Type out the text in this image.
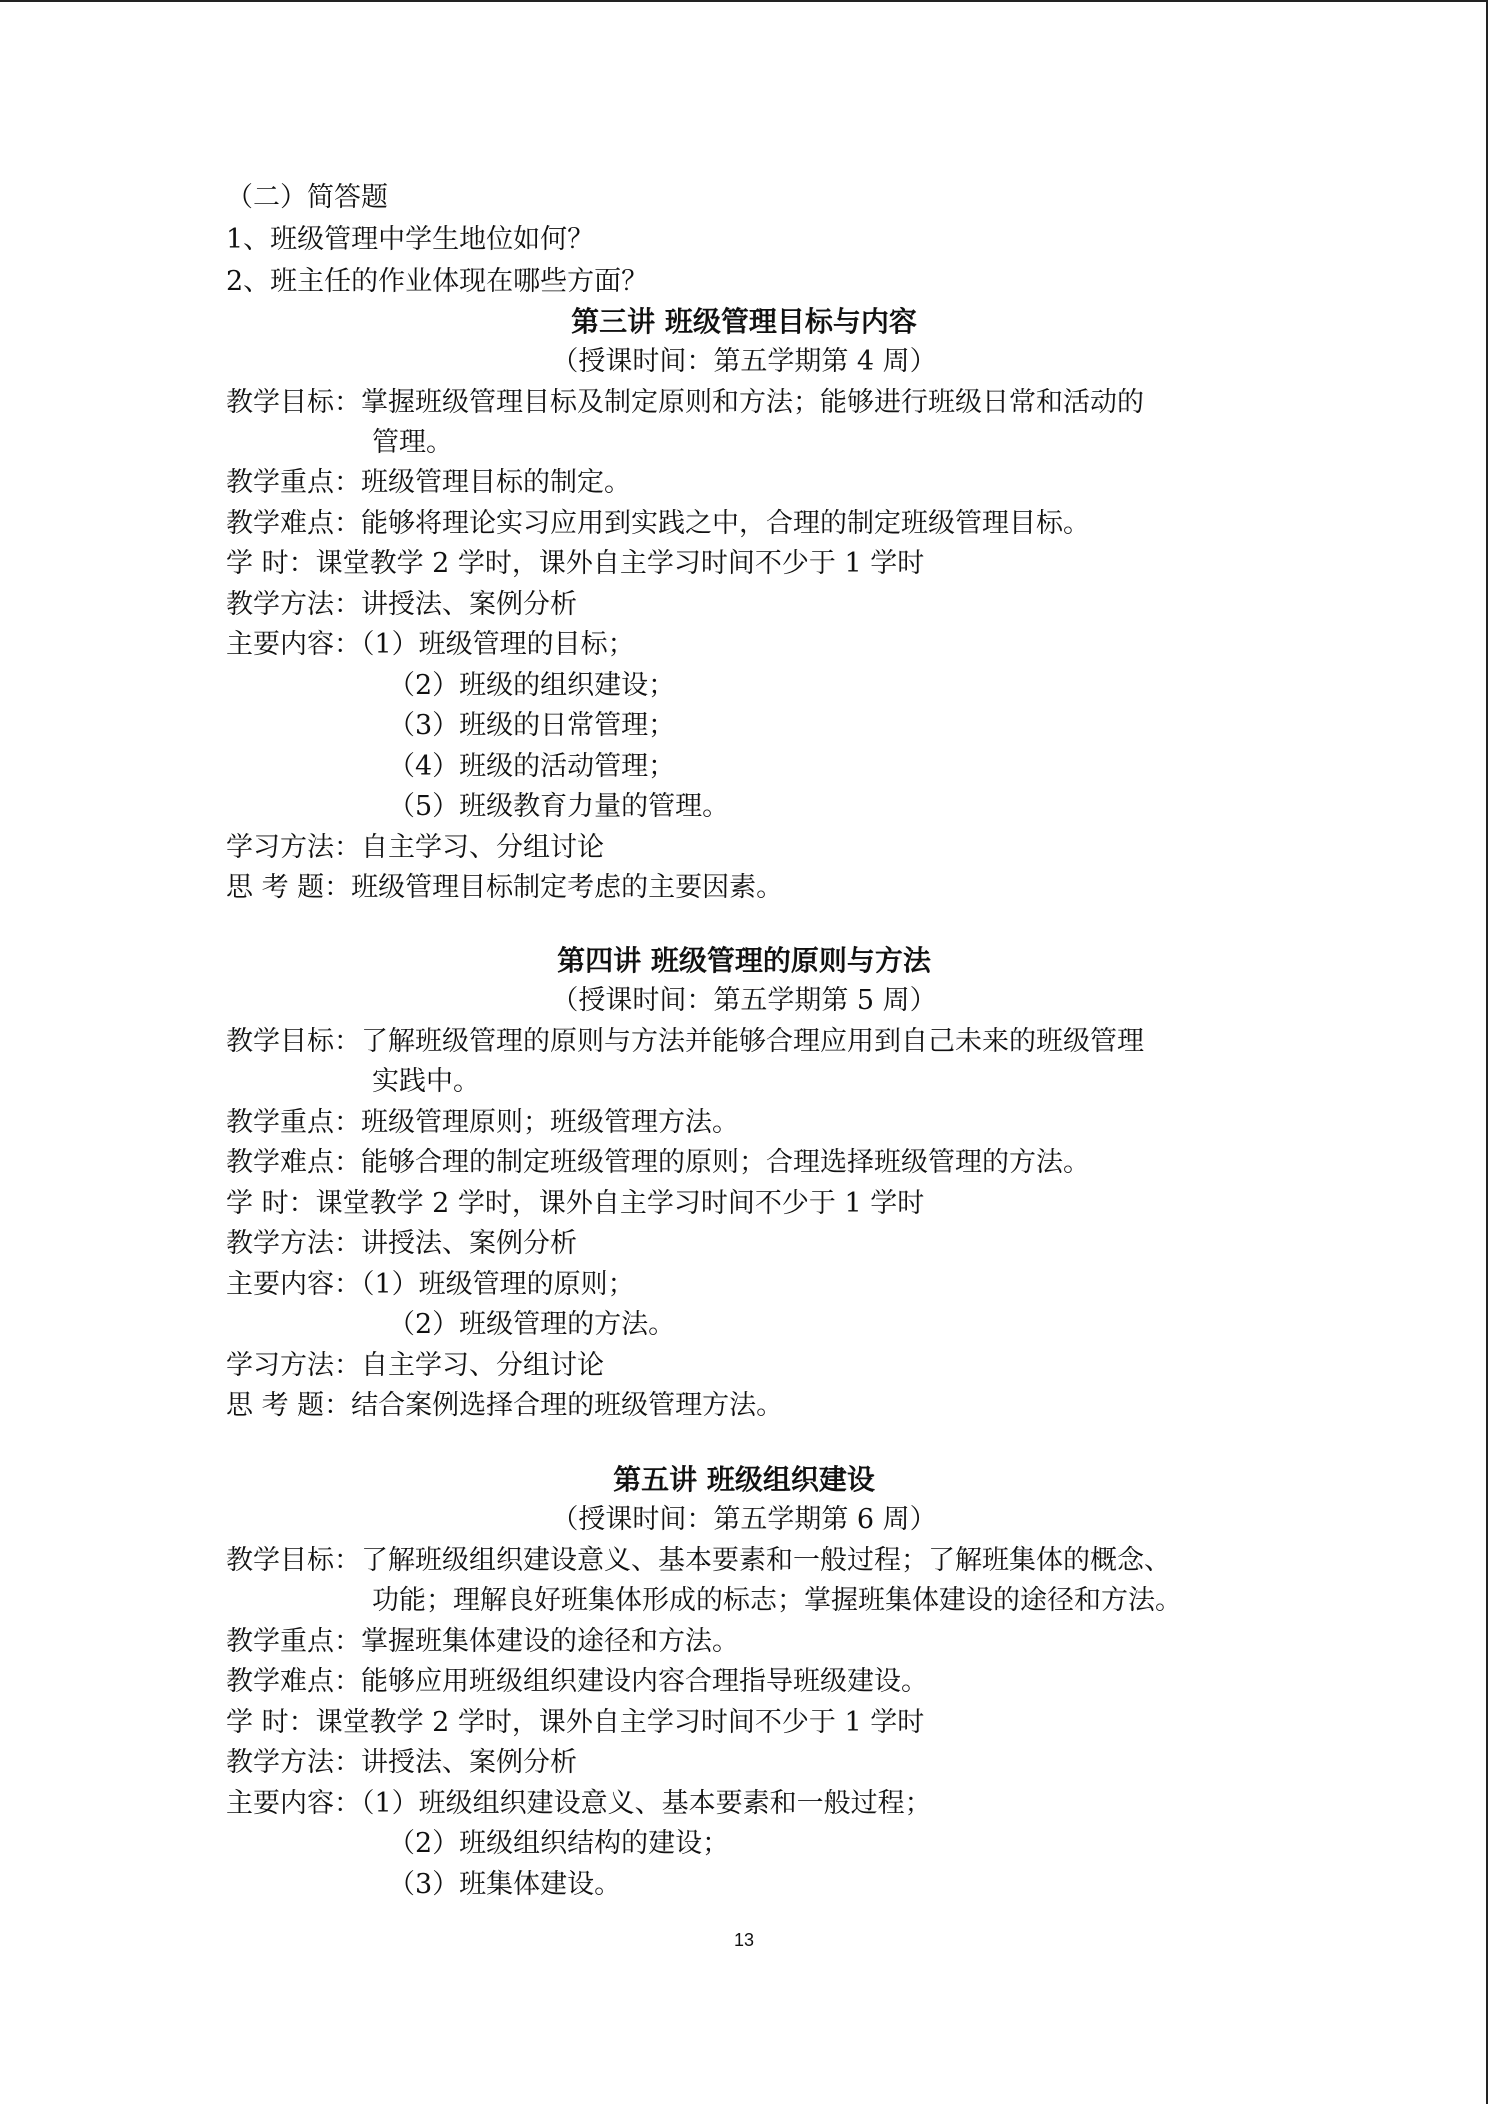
（二）简答题
1、班级管理中学生地位如何？
2、班主任的作业体现在哪些方面？
第三讲 班级管理目标与内容
（授课时间：第五学期第 4 周）
教学目标：掌握班级管理目标及制定原则和方法；能够进行班级日常和活动的
管理。
教学重点：班级管理目标的制定。
教学难点：能够将理论实习应用到实践之中，合理的制定班级管理目标。
学 时：课堂教学 2 学时，课外自主学习时间不少于 1 学时
教学方法：讲授法、案例分析
主要内容：（1）班级管理的目标；
（2）班级的组织建设；
（3）班级的日常管理；
（4）班级的活动管理；
（5）班级教育力量的管理。
学习方法：自主学习、分组讨论
思 考 题：班级管理目标制定考虑的主要因素。
第四讲 班级管理的原则与方法
（授课时间：第五学期第 5 周）
教学目标：了解班级管理的原则与方法并能够合理应用到自己未来的班级管理
实践中。
教学重点：班级管理原则；班级管理方法。
教学难点：能够合理的制定班级管理的原则；合理选择班级管理的方法。
学 时：课堂教学 2 学时，课外自主学习时间不少于 1 学时
教学方法：讲授法、案例分析
主要内容：（1）班级管理的原则；
（2）班级管理的方法。
学习方法：自主学习、分组讨论
思 考 题：结合案例选择合理的班级管理方法。
第五讲 班级组织建设
（授课时间：第五学期第 6 周）
教学目标：了解班级组织建设意义、基本要素和一般过程；了解班集体的概念、
功能；理解良好班集体形成的标志；掌握班集体建设的途径和方法。
教学重点：掌握班集体建设的途径和方法。
教学难点：能够应用班级组织建设内容合理指导班级建设。
学 时：课堂教学 2 学时，课外自主学习时间不少于 1 学时
教学方法：讲授法、案例分析
主要内容：（1）班级组织建设意义、基本要素和一般过程；
（2）班级组织结构的建设；
（3）班集体建设。
13
